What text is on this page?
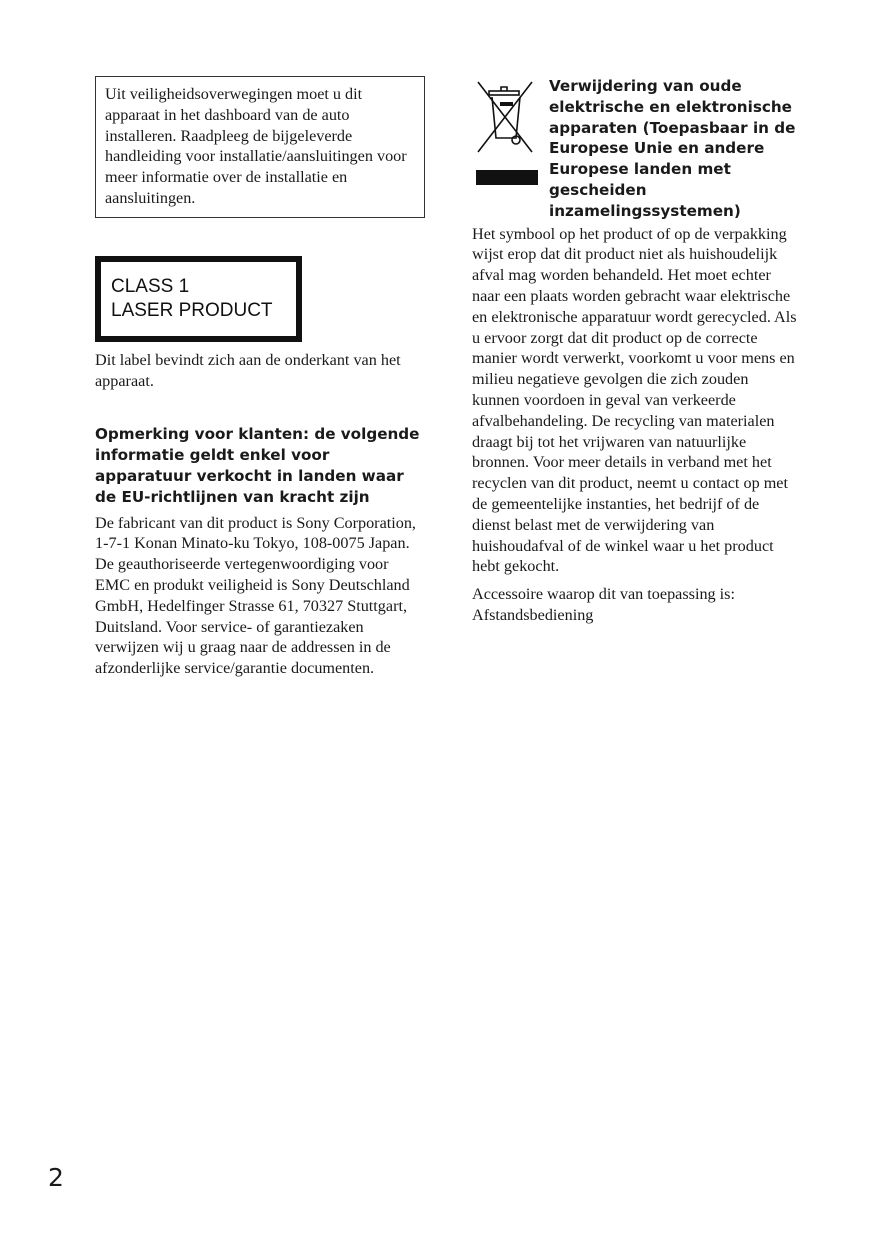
Uit veiligheidsoverwegingen moet u dit apparaat in het dashboard van de auto installeren. Raadpleeg de bijgeleverde handleiding voor installatie/aansluitingen voor meer informatie over de installatie en aansluitingen.
CLASS 1
LASER PRODUCT

Dit label bevindt zich aan de onderkant van het apparaat.

Opmerking voor klanten: de volgende informatie geldt enkel voor apparatuur verkocht in landen waar de EU-richtlijnen van kracht zijn

De fabricant van dit product is Sony Corporation, 1-7-1 Konan Minato-ku Tokyo, 108-0075 Japan. De geauthoriseerde vertegenwoordiging voor EMC en produkt veiligheid is Sony Deutschland GmbH, Hedelfinger Strasse 61, 70327 Stuttgart, Duitsland. Voor service- of garantiezaken verwijzen wij u graag naar de addressen in de afzonderlijke service/garantie documenten.

Verwijdering van oude elektrische en elektronische apparaten (Toepasbaar in de Europese Unie en andere Europese landen met gescheiden inzamelingssystemen)

Het symbool op het product of op de verpakking wijst erop dat dit product niet als huishoudelijk afval mag worden behandeld. Het moet echter naar een plaats worden gebracht waar elektrische en elektronische apparatuur wordt gerecycled. Als u ervoor zorgt dat dit product op de correcte manier wordt verwerkt, voorkomt u voor mens en milieu negatieve gevolgen die zich zouden kunnen voordoen in geval van verkeerde afvalbehandeling. De recycling van materialen draagt bij tot het vrijwaren van natuurlijke bronnen. Voor meer details in verband met het recyclen van dit product, neemt u contact op met de gemeentelijke instanties, het bedrijf of de dienst belast met de verwijdering van huishoudafval of de winkel waar u het product hebt gekocht.

Accessoire waarop dit van toepassing is: Afstandsbediening

2
